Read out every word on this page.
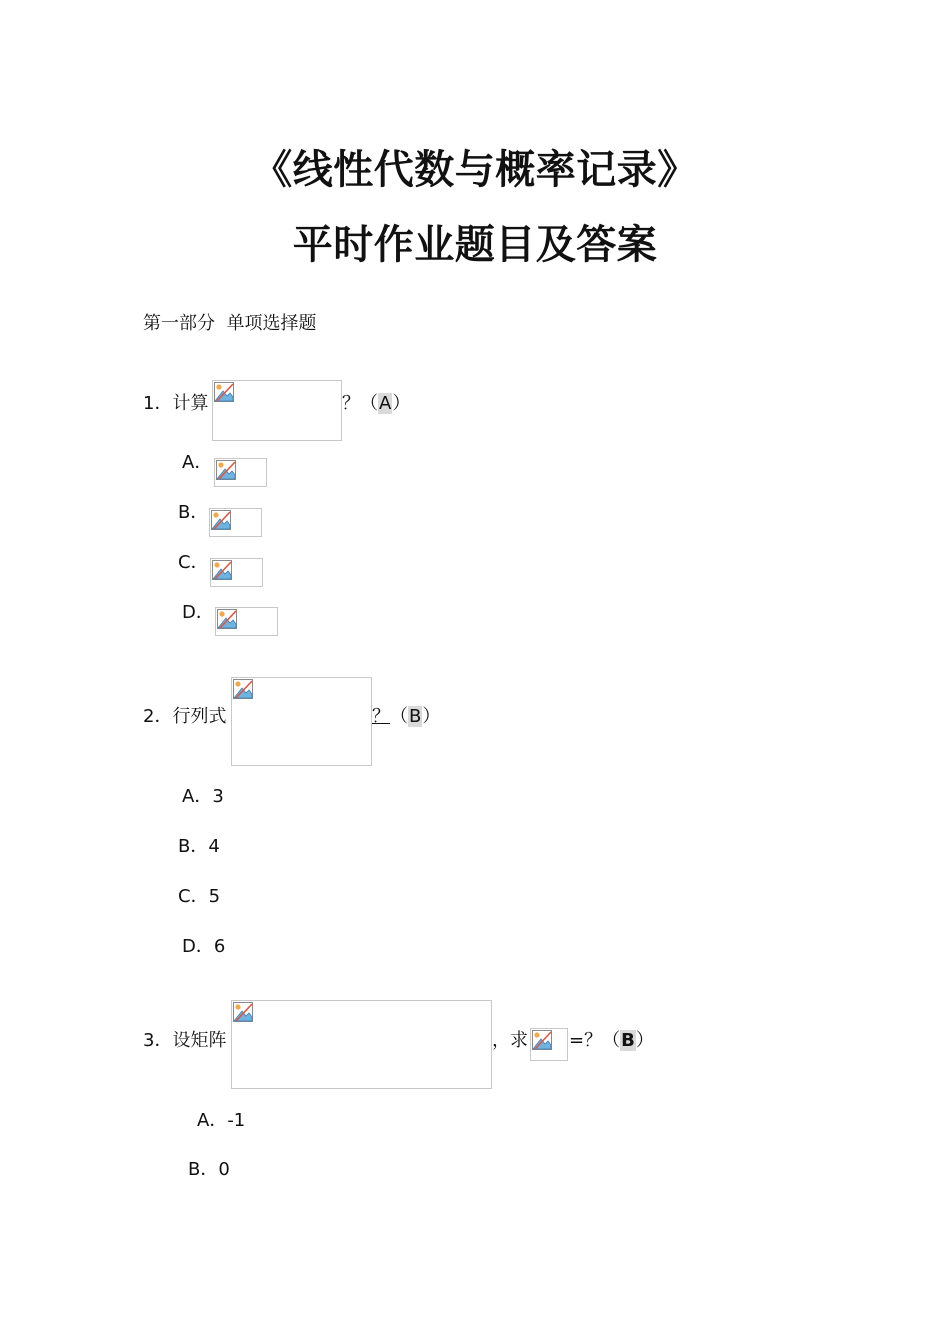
《线性代数与概率记录》
平时作业题目及答案
第一部分  单项选择题
1．计算	？（A）
A．
B．
C．
D．
2．行列式	？（B）
A．3
B．4
C．5
D．6
3．设矩阵	，求 =？（B）
A．-1
B．0
